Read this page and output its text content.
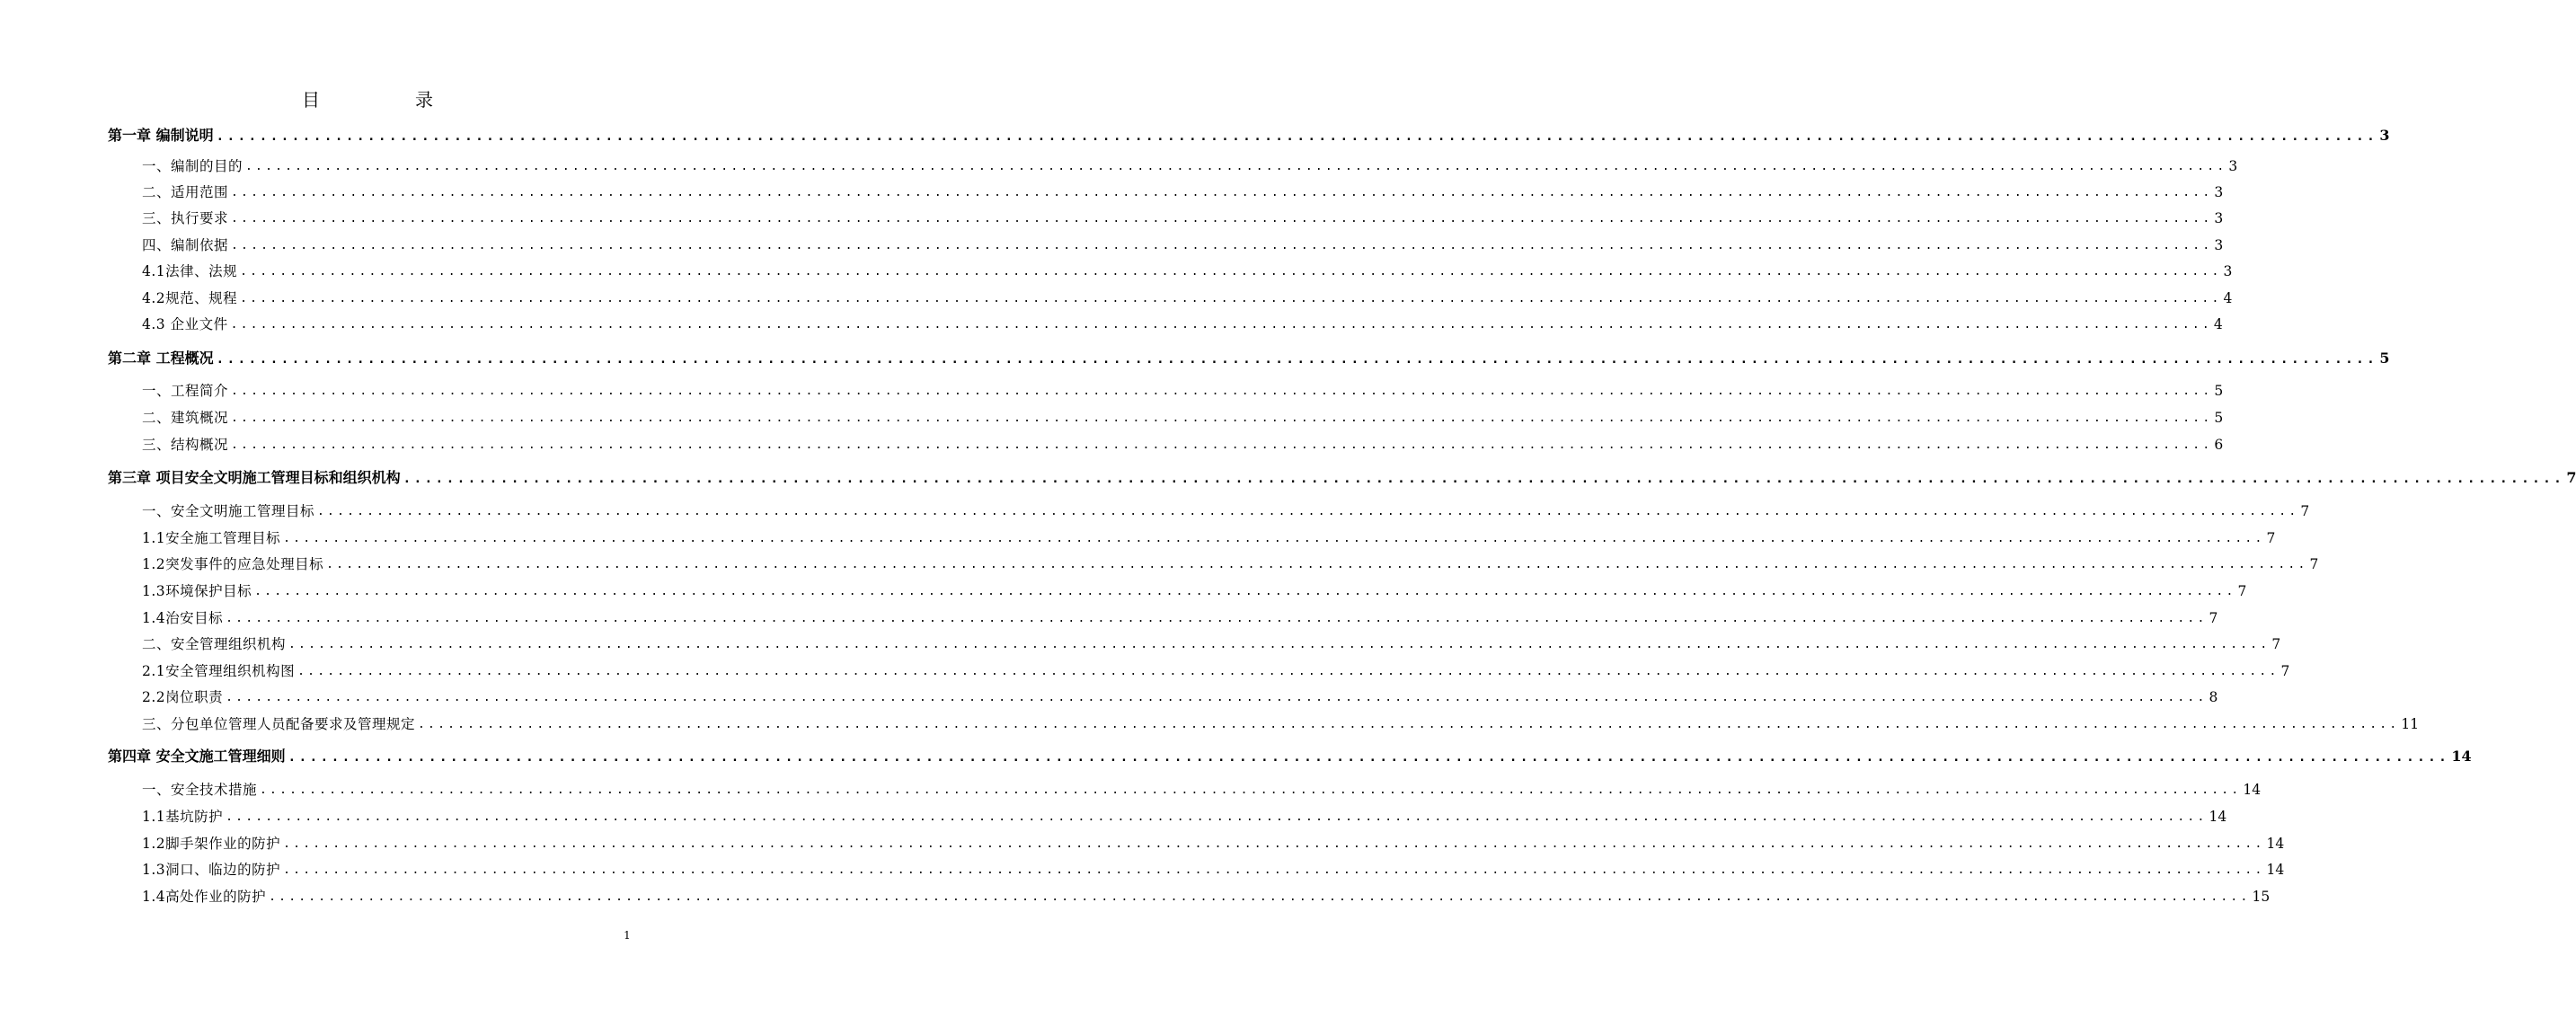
目	录
第一章 编制说明 ........................................................................................................................................................................................................ 3
一、编制的目的 ........................................................................................................................................................................................................ 3
二、适用范围 ........................................................................................................................................................................................................ 3
三、执行要求 ........................................................................................................................................................................................................ 3
四、编制依据 ........................................................................................................................................................................................................ 3
4.1法律、法规 ........................................................................................................................................................................................................ 3
4.2规范、规程 ........................................................................................................................................................................................................ 4
4.3 企业文件 ........................................................................................................................................................................................................ 4
第二章 工程概况 ........................................................................................................................................................................................................ 5
一、工程简介 ........................................................................................................................................................................................................ 5
二、建筑概况 ........................................................................................................................................................................................................ 5
三、结构概况 ........................................................................................................................................................................................................ 6
第三章 项目安全文明施工管理目标和组织机构 ........................................................................................................................................................................................................ 7
一、安全文明施工管理目标 ........................................................................................................................................................................................................ 7
1.1安全施工管理目标 ........................................................................................................................................................................................................ 7
1.2突发事件的应急处理目标 ........................................................................................................................................................................................................ 7
1.3环境保护目标 ........................................................................................................................................................................................................ 7
1.4治安目标 ........................................................................................................................................................................................................ 7
二、安全管理组织机构 ........................................................................................................................................................................................................ 7
2.1安全管理组织机构图 ........................................................................................................................................................................................................ 7
2.2岗位职责 ........................................................................................................................................................................................................ 8
三、分包单位管理人员配备要求及管理规定 ........................................................................................................................................................................................................ 11
第四章 安全文施工管理细则 ........................................................................................................................................................................................................ 14
一、安全技术措施 ........................................................................................................................................................................................................ 14
1.1基坑防护 ........................................................................................................................................................................................................ 14
1.2脚手架作业的防护 ........................................................................................................................................................................................................ 14
1.3洞口、临边的防护 ........................................................................................................................................................................................................ 14
1.4高处作业的防护 ........................................................................................................................................................................................................ 15
1
